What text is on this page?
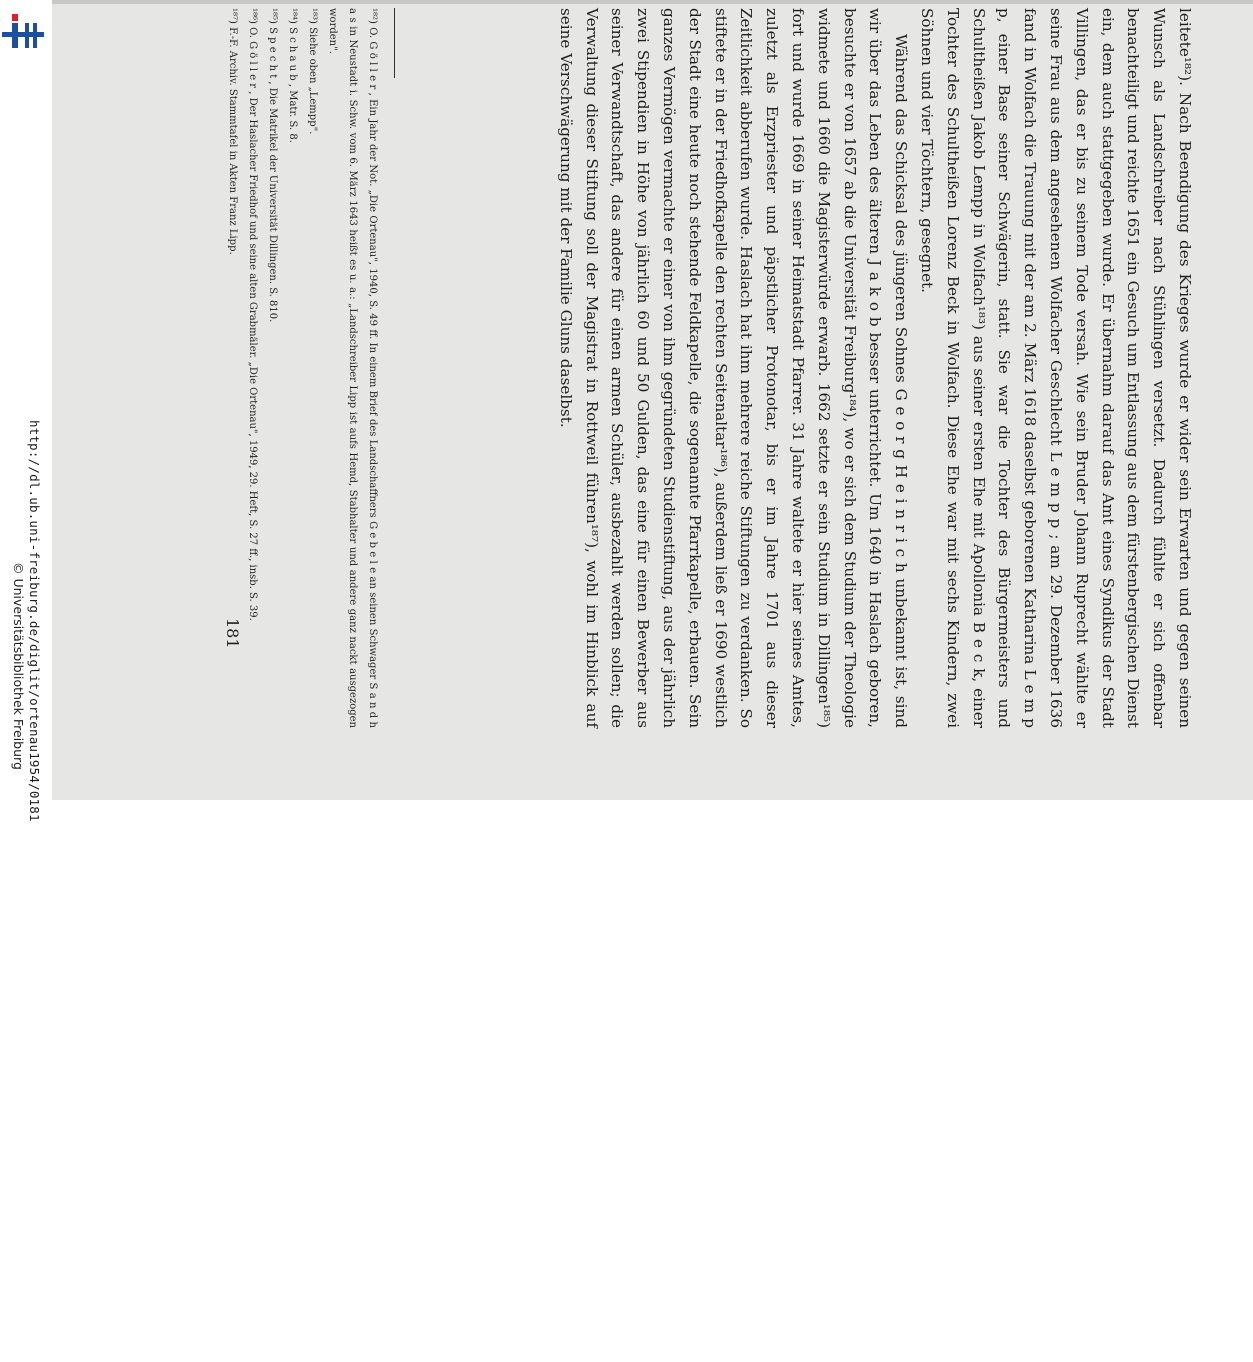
http://dl.ub.uni-freiburg.de/diglit/ortenau1954/0181
© Universitätsbibliothek Freiburg	leitete¹⁸²). Nach Beendigung des Krieges wurde er wider sein Erwarten und gegen seinen Wunsch als Landschreiber nach Stühlingen versetzt. Dadurch fühlte er sich offenbar benachteiligt und reichte 1651 ein Gesuch um Entlassung aus dem fürstenbergischen Dienst ein, dem auch stattgegeben wurde. Er übernahm darauf das Amt eines Syndikus der Stadt Villingen, das er bis zu seinem Tode versah. Wie sein Bruder Johann Ruprecht wählte er seine Frau aus dem angesehenen Wolfacher Geschlecht L e m p p ; am 29. Dezember 1636 fand in Wolfach die Trauung mit der am 2. März 1618 daselbst geborenen Katharina L e m p p, einer Base seiner Schwägerin, statt. Sie war die Tochter des Bürgermeisters und Schultheißen Jakob Lempp in Wolfach¹⁸³) aus seiner ersten Ehe mit Apollonia B e c k, einer Tochter des Schultheißen Lorenz Beck in Wolfach. Diese Ehe war mit sechs Kindern, zwei Söhnen und vier Töchtern, gesegnet.

Während das Schicksal des jüngeren Sohnes G e o r g H e i n r i c h unbekannt ist, sind wir über das Leben des älteren J a k o b besser unterrichtet. Um 1640 in Haslach geboren, besuchte er von 1657 ab die Universität Freiburg¹⁸⁴), wo er sich dem Studium der Theologie widmete und 1660 die Magisterwürde erwarb. 1662 setzte er sein Studium in Dillingen¹⁸⁵) fort und wurde 1669 in seiner Heimatstadt Pfarrer. 31 Jahre waltete er hier seines Amtes, zuletzt als Erzpriester und päpstlicher Protonotar, bis er im Jahre 1701 aus dieser Zeitlichkeit abberufen wurde. Haslach hat ihm mehrere reiche Stiftungen zu verdanken. So stiftete er in der Friedhofkapelle den rechten Seitenaltar¹⁸⁶), außerdem ließ er 1690 westlich der Stadt eine heute noch stehende Feldkapelle, die sogenannte Pfarrkapelle, erbauen. Sein ganzes Vermögen vermachte er einer von ihm gegründeten Studienstiftung, aus der jährlich zwei Stipendien in Höhe von jährlich 60 und 50 Gulden, das eine für einen Bewerber aus seiner Verwandtschaft, das andere für einen armen Schüler, ausbezahlt werden sollen; die Verwaltung dieser Stiftung soll der Magistrat in Rottweil führen¹⁸⁷), wohl im Hinblick auf seine Verschwägerung mit der Familie Gluns daselbst.

¹⁸²) O. G ö l l e r , Ein Jahr der Not. „Die Ortenau", 1940, S. 49 ff. In einem Brief des Landschaffners G e b e l e an seinen Schwager S a n d h a s in Neustadt i. Schw. vom 6. März 1643 heißt es u. a.: „Landschreiber Lipp ist aufs Hemd, Stabhalter und andere ganz nackt ausgezogen worden".

¹⁸³) Siehe oben „Lempp".

¹⁸⁴) S c h a u b , Matr. S. 8.

¹⁸⁵) S p e c h t , Die Matrikel der Universität Dillingen. S. 810.

¹⁸⁶) O. G ö l l e r , Der Haslacher Friedhof und seine alten Grabmäler. „Die Ortenau", 1949, 29. Heft, S. 27 ff., insb. S. 39.

¹⁸⁷) F.-F. Archiv. Stammtafel in Akten Franz Lipp.

181
